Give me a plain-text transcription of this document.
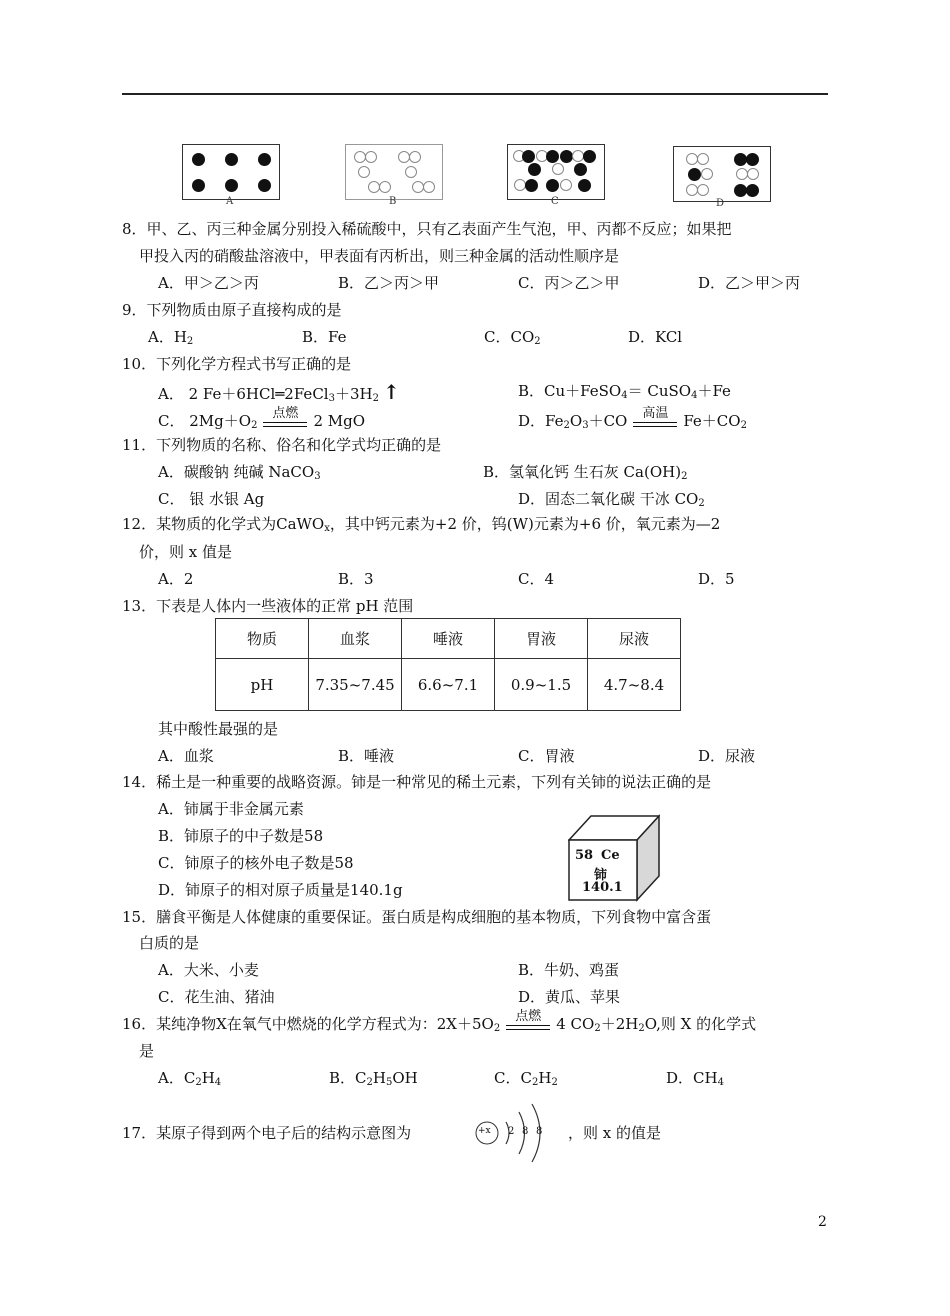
A	B	C	D
8．甲、乙、丙三种金属分别投入稀硫酸中，只有乙表面产生气泡，甲、丙都不反应；如果把
甲投入丙的硝酸盐溶液中，甲表面有丙析出，则三种金属的活动性顺序是
A．甲＞乙＞丙	B．乙＞丙＞甲	C．丙＞乙＞甲	D．乙＞甲＞丙
9．下列物质由原子直接构成的是
A．$H_2$	B．Fe	C．$CO_2$	D．KCl
10．下列化学方程式书写正确的是
A． 2 $Fe+6HCl═2FeCl_3+3H_2$ ↑	B．Cu＋FeSO$_4$＝ CuSO$_4$＋Fe
C． $2Mg+O_2$
点燃	2 MgO	D．$Fe_2O_3+CO$	高温	$Fe+CO_2$
11．下列物质的名称、俗名和化学式均正确的是
A．碳酸钠 纯碱 NaCO$_3$	B．氢氧化钙 生石灰 $Ca(OH)_2$
C． 银 水银 Ag	D．固态二氧化碳 干冰 $CO_2$
12．某物质的化学式为CaWO$_x$，其中钙元素为+2 价，钨(W)元素为+6 价，氧元素为—2
价，则 x 值是
A．2	B．3	C．4	D．5
13．下表是人体内一些液体的正常 pH 范围
物质	血浆	唾液	胃液	尿液
pH	7.35~7.45	6.6~7.1	0.9~1.5	4.7~8.4
其中酸性最强的是
A．血浆	B．唾液	C．胃液	D．尿液
14．稀土是一种重要的战略资源。铈是一种常见的稀土元素，下列有关铈的说法正确的是
A．铈属于非金属元素
B．铈原子的中子数是58
C．铈原子的核外电子数是58
D．铈原子的相对原子质量是140.1g
58 Ce
铈
140.1
15．膳食平衡是人体健康的重要保证。蛋白质是构成细胞的基本物质，下列食物中富含蛋
白质的是
A．大米、小麦	B．牛奶、鸡蛋
C．花生油、猪油	D．黄瓜、苹果
16．某纯净物X在氧气中燃烧的化学方程式为：$2X+5O_2$
点燃	4 $CO_2+2H_2O$,则 X 的化学式
是
A．$C_2H_4$	B．$C_2H_5OH$	C．$C_2H_2$	D．$CH_4$
17．某原子得到两个电子后的结构示意图为	+x 2 8 8 ，则 x 的值是
2
